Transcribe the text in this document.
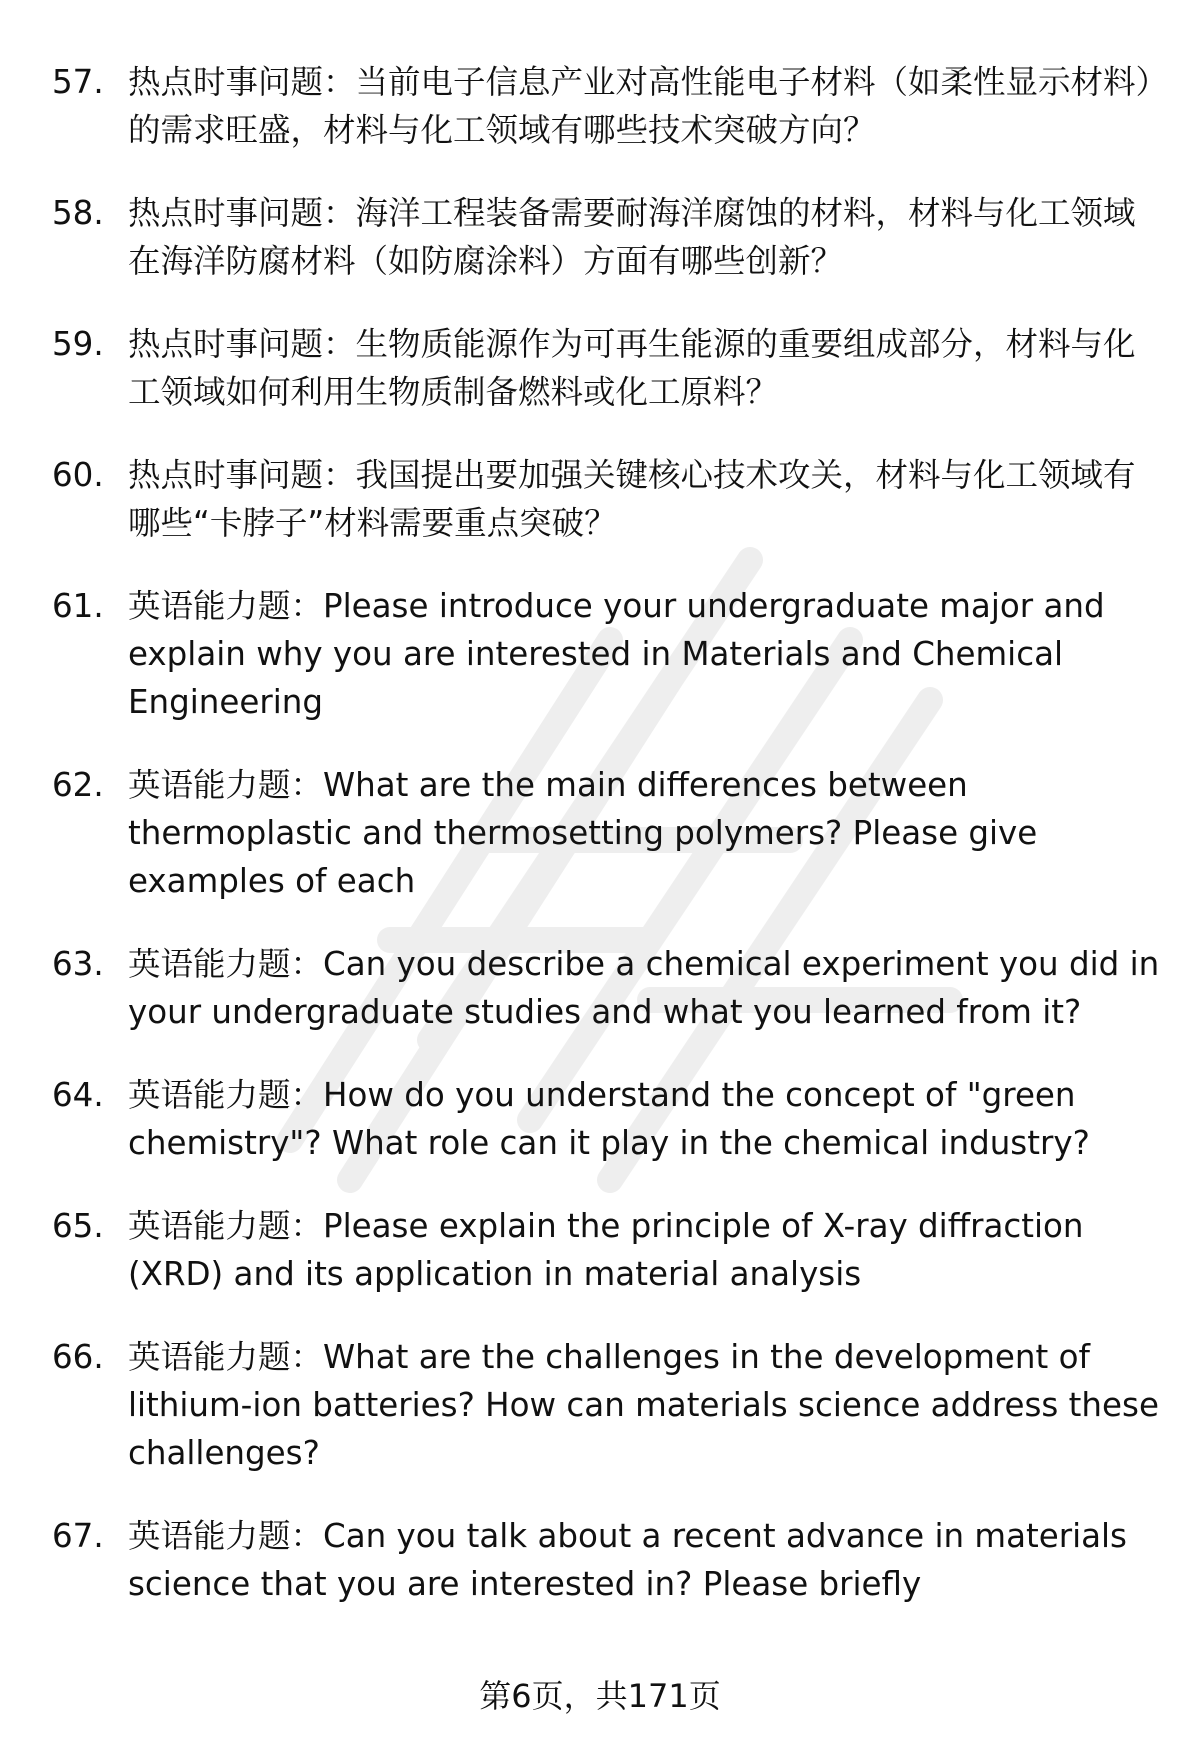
57. 热点时事问题：当前电子信息产业对高性能电子材料（如柔性显示材料）的需求旺盛，材料与化工领域有哪些技术突破方向？
58. 热点时事问题：海洋工程装备需要耐海洋腐蚀的材料，材料与化工领域在海洋防腐材料（如防腐涂料）方面有哪些创新？
59. 热点时事问题：生物质能源作为可再生能源的重要组成部分，材料与化工领域如何利用生物质制备燃料或化工原料？
60. 热点时事问题：我国提出要加强关键核心技术攻关，材料与化工领域有哪些“卡脖子”材料需要重点突破？
61. 英语能力题：Please introduce your undergraduate major and explain why you are interested in Materials and Chemical Engineering
62. 英语能力题：What are the main differences between thermoplastic and thermosetting polymers? Please give examples of each
63. 英语能力题：Can you describe a chemical experiment you did in your undergraduate studies and what you learned from it?
64. 英语能力题：How do you understand the concept of "green chemistry"? What role can it play in the chemical industry?
65. 英语能力题：Please explain the principle of X-ray diffraction (XRD) and its application in material analysis
66. 英语能力题：What are the challenges in the development of lithium-ion batteries? How can materials science address these challenges?
67. 英语能力题：Can you talk about a recent advance in materials science that you are interested in? Please briefly
第6页，共171页
